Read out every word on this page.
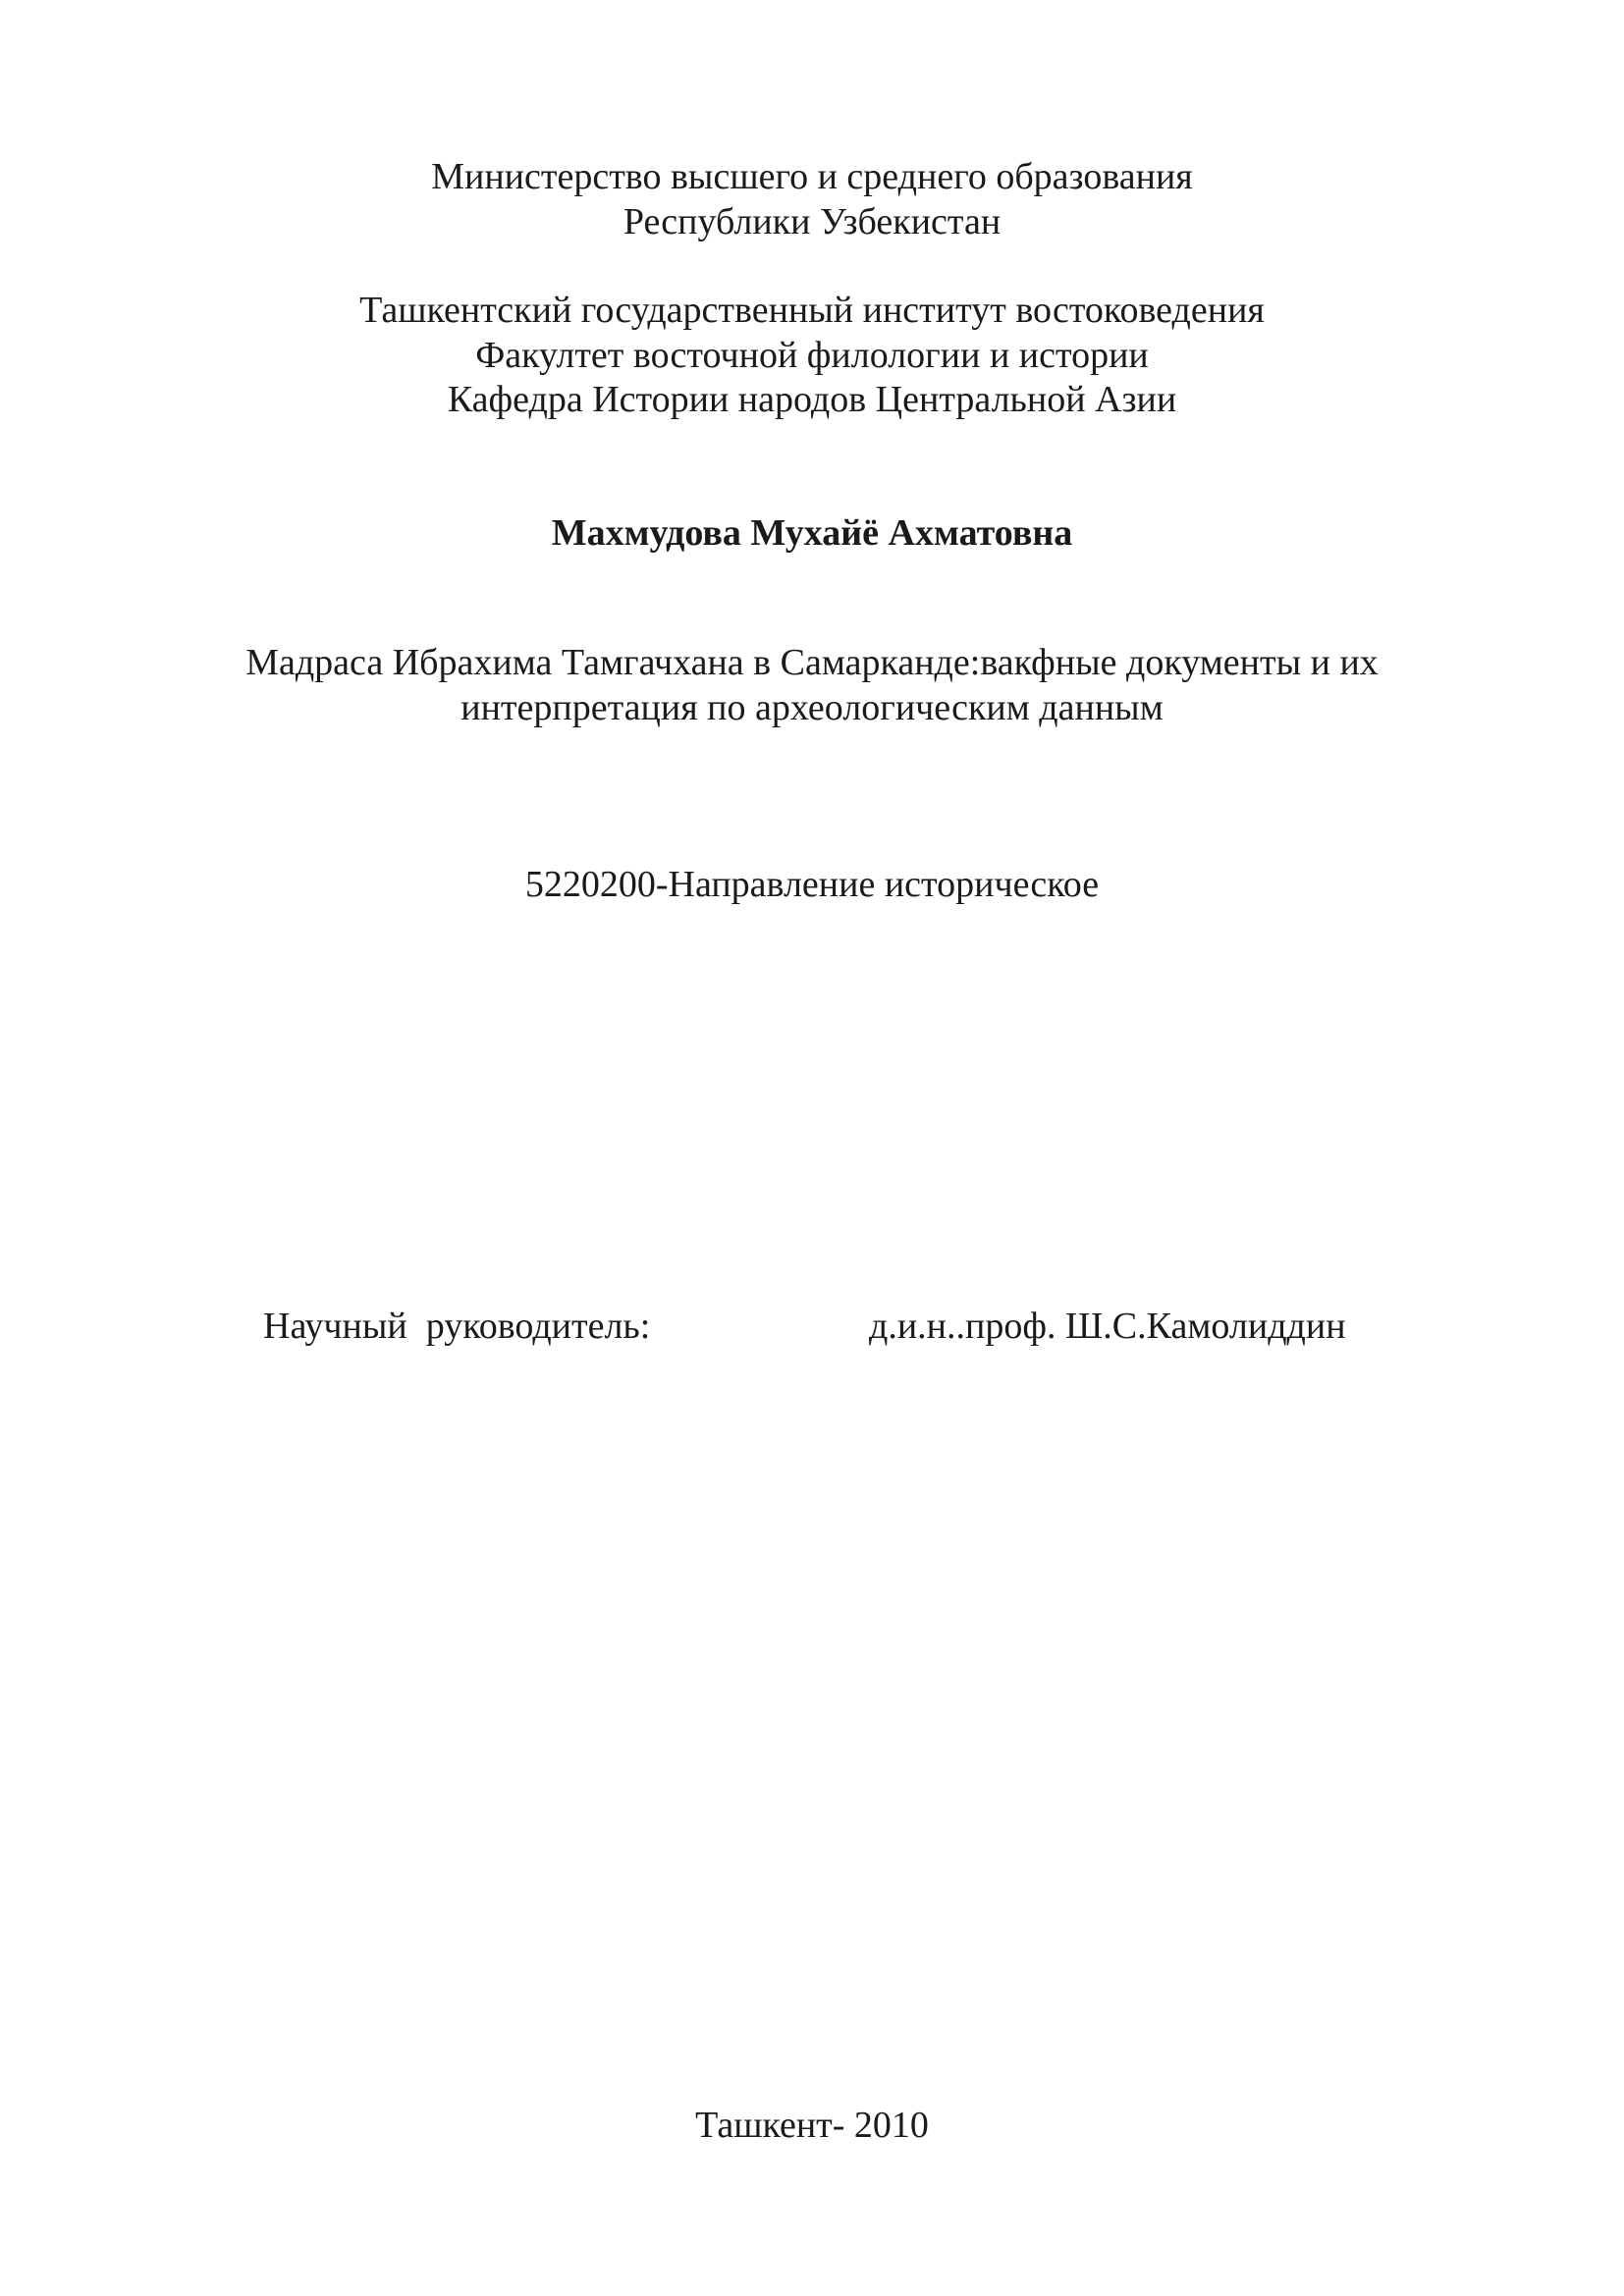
Министерство высшего и среднего образования
Республики Узбекистан
Ташкентский государственный институт востоковедения
Факултет восточной филологии и истории
Кафедра Истории народов Центральной Азии
Махмудова Мухайё Ахматовна
Мадраса Ибрахима Тамгачхана в Самарканде:вакфные документы и их
интерпретация по археологическим данным
5220200-Направление историческое
Научный  руководитель:	д.и.н..проф. Ш.С.Камолиддин
Ташкент- 2010
